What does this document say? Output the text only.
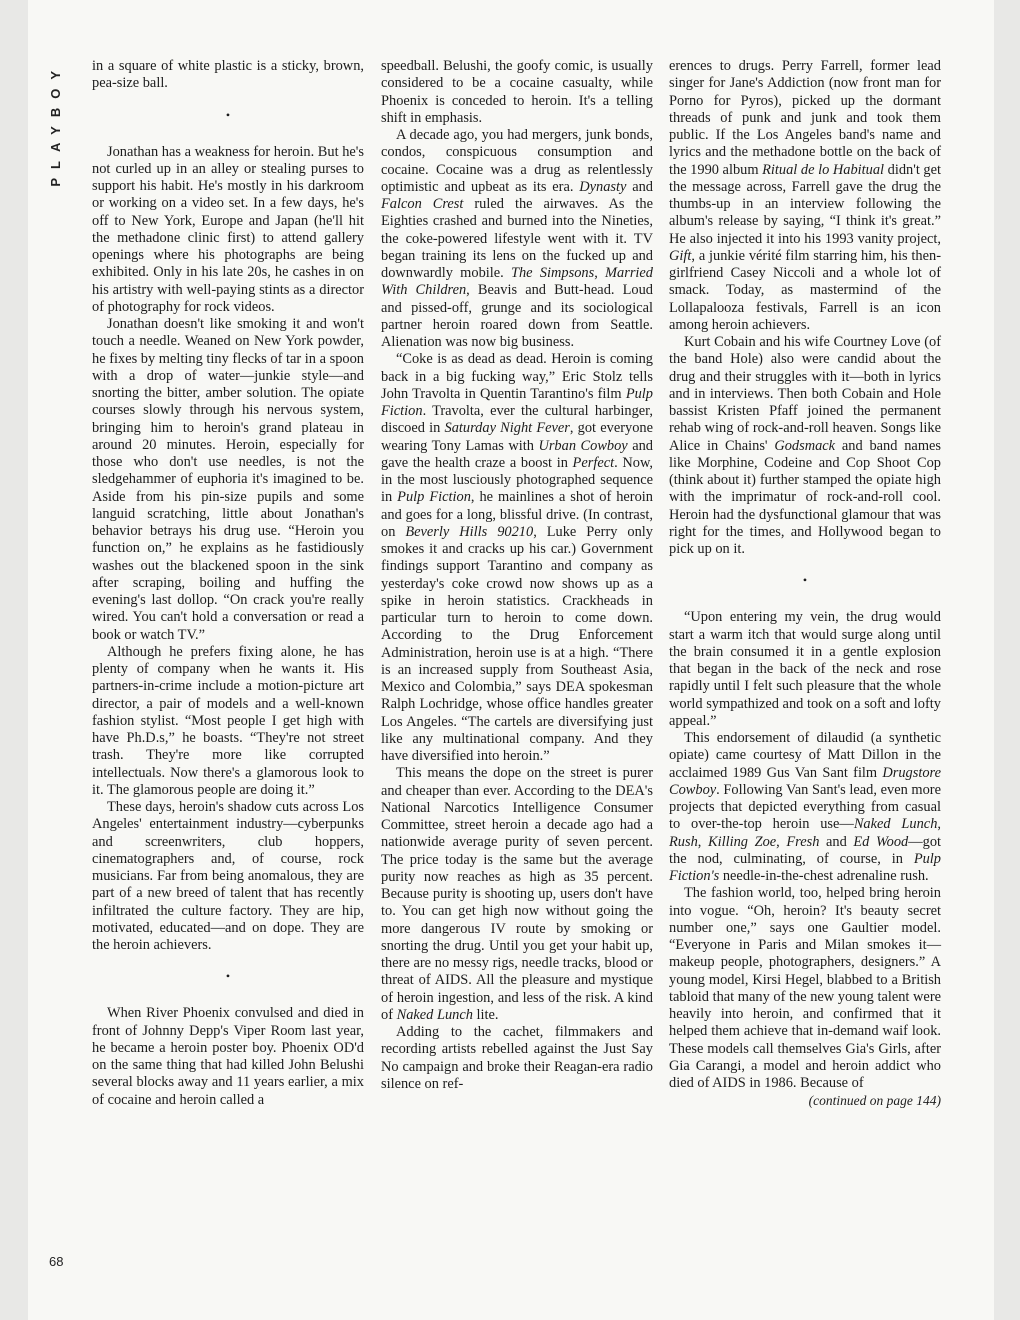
PLAYBOY in a square of white plastic is a sticky, brown, pea-size ball.

•

Jonathan has a weakness for heroin. But he's not curled up in an alley or stealing purses to support his habit. He's mostly in his darkroom or working on a video set. In a few days, he's off to New York, Europe and Japan (he'll hit the methadone clinic first) to attend gallery openings where his photographs are being exhibited. Only in his late 20s, he cashes in on his artistry with well-paying stints as a director of photography for rock videos.

Jonathan doesn't like smoking it and won't touch a needle. Weaned on New York powder, he fixes by melting tiny flecks of tar in a spoon with a drop of water—junkie style—and snorting the bitter, amber solution. The opiate courses slowly through his nervous system, bringing him to heroin's grand plateau in around 20 minutes. Heroin, especially for those who don't use needles, is not the sledgehammer of euphoria it's imagined to be. Aside from his pin-size pupils and some languid scratching, little about Jonathan's behavior betrays his drug use. “Heroin you function on,” he explains as he fastidiously washes out the blackened spoon in the sink after scraping, boiling and huffing the evening's last dollop. “On crack you're really wired. You can't hold a conversation or read a book or watch TV.”

Although he prefers fixing alone, he has plenty of company when he wants it. His partners-in-crime include a motion-picture art director, a pair of models and a well-known fashion stylist. “Most people I get high with have Ph.D.s,” he boasts. “They're not street trash. They're more like corrupted intellectuals. Now there's a glamorous look to it. The glamorous people are doing it.”

These days, heroin's shadow cuts across Los Angeles' entertainment industry—cyberpunks and screenwriters, club hoppers, cinematographers and, of course, rock musicians. Far from being anomalous, they are part of a new breed of talent that has recently infiltrated the culture factory. They are hip, motivated, educated—and on dope. They are the heroin achievers.

•

When River Phoenix convulsed and died in front of Johnny Depp's Viper Room last year, he became a heroin poster boy. Phoenix OD'd on the same thing that had killed John Belushi several blocks away and 11 years earlier, a mix of cocaine and heroin called a

speedball. Belushi, the goofy comic, is usually considered to be a cocaine casualty, while Phoenix is conceded to heroin. It's a telling shift in emphasis.

A decade ago, you had mergers, junk bonds, condos, conspicuous consumption and cocaine. Cocaine was a drug as relentlessly optimistic and upbeat as its era. Dynasty and Falcon Crest ruled the airwaves. As the Eighties crashed and burned into the Nineties, the coke-powered lifestyle went with it. TV began training its lens on the fucked up and downwardly mobile. The Simpsons, Married With Children, Beavis and Butt-head. Loud and pissed-off, grunge and its sociological partner heroin roared down from Seattle. Alienation was now big business.

“Coke is as dead as dead. Heroin is coming back in a big fucking way,” Eric Stolz tells John Travolta in Quentin Tarantino's film Pulp Fiction. Travolta, ever the cultural harbinger, discoed in Saturday Night Fever, got everyone wearing Tony Lamas with Urban Cowboy and gave the health craze a boost in Perfect. Now, in the most lusciously photographed sequence in Pulp Fiction, he mainlines a shot of heroin and goes for a long, blissful drive. (In contrast, on Beverly Hills 90210, Luke Perry only smokes it and cracks up his car.) Government findings support Tarantino and company as yesterday's coke crowd now shows up as a spike in heroin statistics. Crackheads in particular turn to heroin to come down. According to the Drug Enforcement Administration, heroin use is at a high. “There is an increased supply from Southeast Asia, Mexico and Colombia,” says DEA spokesman Ralph Lochridge, whose office handles greater Los Angeles. “The cartels are diversifying just like any multinational company. And they have diversified into heroin.”

This means the dope on the street is purer and cheaper than ever. According to the DEA's National Narcotics Intelligence Consumer Committee, street heroin a decade ago had a nationwide average purity of seven percent. The price today is the same but the average purity now reaches as high as 35 percent. Because purity is shooting up, users don't have to. You can get high now without going the more dangerous IV route by smoking or snorting the drug. Until you get your habit up, there are no messy rigs, needle tracks, blood or threat of AIDS. All the pleasure and mystique of heroin ingestion, and less of the risk. A kind of Naked Lunch lite.

Adding to the cachet, filmmakers and recording artists rebelled against the Just Say No campaign and broke their Reagan-era radio silence on ref-

erences to drugs. Perry Farrell, former lead singer for Jane's Addiction (now front man for Porno for Pyros), picked up the dormant threads of punk and junk and took them public. If the Los Angeles band's name and lyrics and the methadone bottle on the back of the 1990 album Ritual de lo Habitual didn't get the message across, Farrell gave the drug the thumbs-up in an interview following the album's release by saying, “I think it's great.” He also injected it into his 1993 vanity project, Gift, a junkie vérité film starring him, his then-girlfriend Casey Niccoli and a whole lot of smack. Today, as mastermind of the Lollapalooza festivals, Farrell is an icon among heroin achievers.

Kurt Cobain and his wife Courtney Love (of the band Hole) also were candid about the drug and their struggles with it—both in lyrics and in interviews. Then both Cobain and Hole bassist Kristen Pfaff joined the permanent rehab wing of rock-and-roll heaven. Songs like Alice in Chains' Godsmack and band names like Morphine, Codeine and Cop Shoot Cop (think about it) further stamped the opiate high with the imprimatur of rock-and-roll cool. Heroin had the dysfunctional glamour that was right for the times, and Hollywood began to pick up on it.

•

“Upon entering my vein, the drug would start a warm itch that would surge along until the brain consumed it in a gentle explosion that began in the back of the neck and rose rapidly until I felt such pleasure that the whole world sympathized and took on a soft and lofty appeal.”

This endorsement of dilaudid (a synthetic opiate) came courtesy of Matt Dillon in the acclaimed 1989 Gus Van Sant film Drugstore Cowboy. Following Van Sant's lead, even more projects that depicted everything from casual to over-the-top heroin use—Naked Lunch, Rush, Killing Zoe, Fresh and Ed Wood—got the nod, culminating, of course, in Pulp Fiction's needle-in-the-chest adrenaline rush.

The fashion world, too, helped bring heroin into vogue. “Oh, heroin? It's beauty secret number one,” says one Gaultier model. “Everyone in Paris and Milan smokes it—makeup people, photographers, designers.” A young model, Kirsi Hegel, blabbed to a British tabloid that many of the new young talent were heavily into heroin, and confirmed that it helped them achieve that in-demand waif look. These models call themselves Gia's Girls, after Gia Carangi, a model and heroin addict who died of AIDS in 1986. Because of

(continued on page 144)
68
